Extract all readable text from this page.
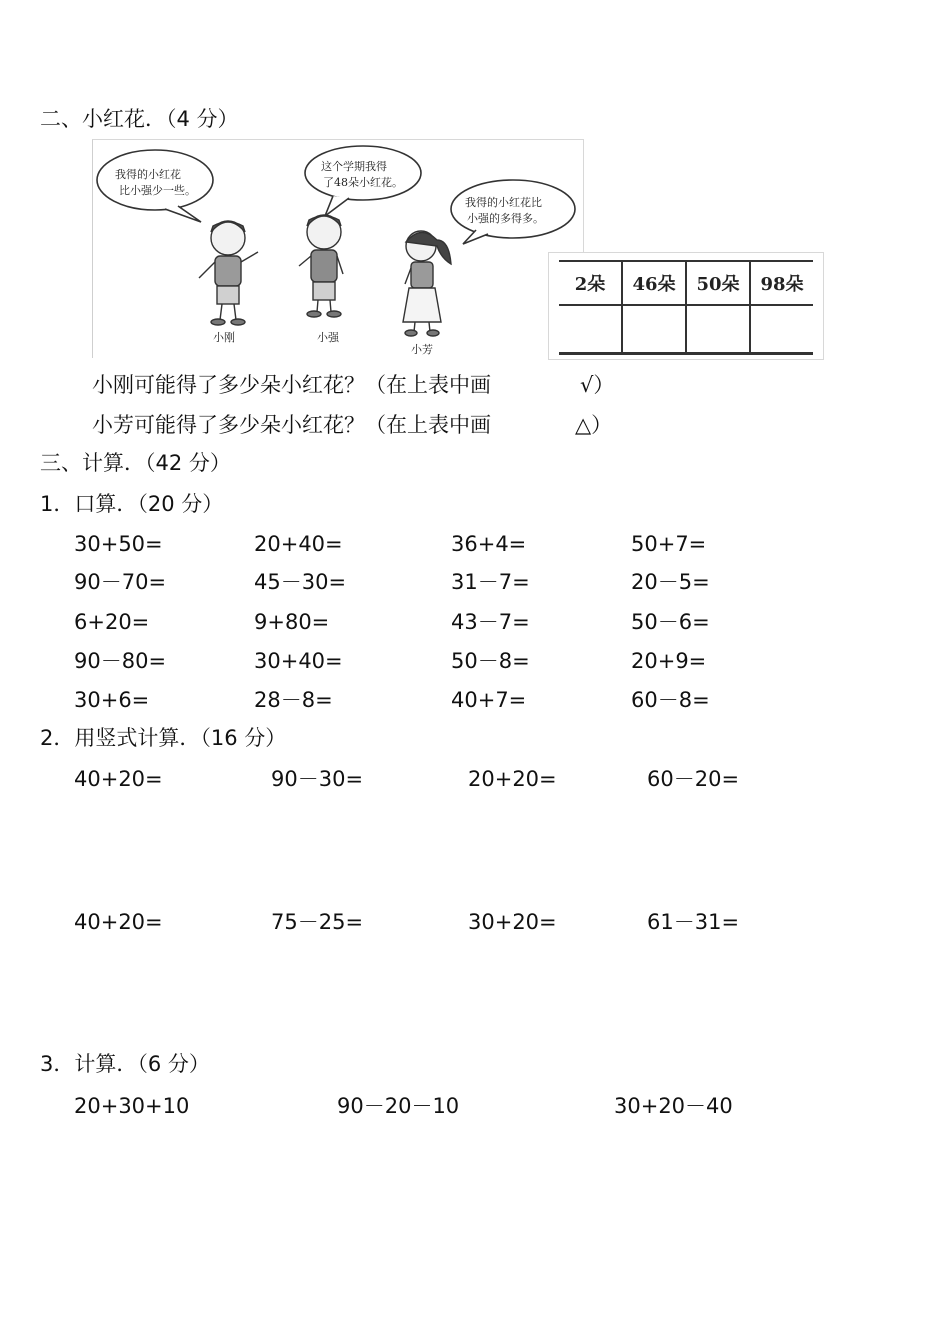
二、小红花．（4 分）
我得的小红花
比小强少一些。
这个学期我得
了48朵小红花。
我得的小红花比
小强的多得多。
小刚	小强
小芳
2朵	46朵	50朵	98朵

小刚可能得了多少朵小红花？（在上表中画	√）
小芳可能得了多少朵小红花？（在上表中画	△）
三、计算．（42 分）
1．口算．（20 分）
30+50=	20+40=	36+4=	50+7=
90－70=	45－30=	31－7=	20－5=
6+20=	9+80=	43－7=	50－6=
90－80=	30+40=	50－8=	20+9=
30+6=	28－8=	40+7=	60－8=
2．用竖式计算．（16 分）
40+20=	90－30=	20+20=	60－20=
40+20=	75－25=	30+20=	61－31=
3．计算．（6 分）
20+30+10	90－20－10	30+20－40
